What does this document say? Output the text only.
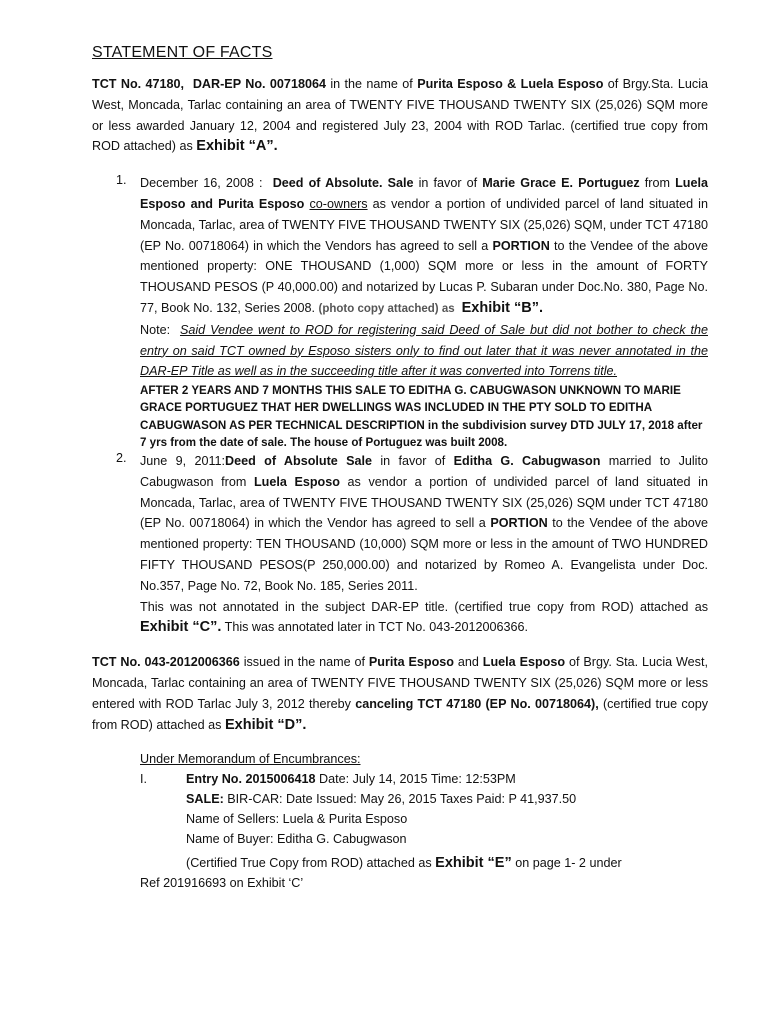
STATEMENT OF FACTS

TCT No. 47180, DAR-EP No. 00718064 in the name of Purita Esposo & Luela Esposo of Brgy.Sta. Lucia West, Moncada, Tarlac containing an area of TWENTY FIVE THOUSAND TWENTY SIX (25,026) SQM more or less awarded January 12, 2004 and registered July 23, 2004 with ROD Tarlac. (certified true copy from ROD attached) as Exhibit “A”.

1. December 16, 2008 : Deed of Absolute. Sale in favor of Marie Grace E. Portuguez from Luela Esposo and Purita Esposo co-owners as vendor a portion of undivided parcel of land situated in Moncada, Tarlac, area of TWENTY FIVE THOUSAND TWENTY SIX (25,026) SQM, under TCT 47180 (EP No. 00718064) in which the Vendors has agreed to sell a PORTION to the Vendee of the above mentioned property: ONE THOUSAND (1,000) SQM more or less in the amount of FORTY THOUSAND PESOS (P 40,000.00) and notarized by Lucas P. Subaran under Doc.No. 380, Page No. 77, Book No. 132, Series 2008. (photo copy attached) as Exhibit “B”.

Note:  Said Vendee went to ROD for registering said Deed of Sale but did not bother to check the entry on said TCT owned by Esposo sisters only to find out later that it was never annotated in the DAR-EP Title as well as in the succeeding title after it was converted into Torrens title.

AFTER 2 YEARS AND 7 MONTHS THIS SALE TO EDITHA G. CABUGWASON UNKNOWN TO MARIE GRACE PORTUGUEZ THAT HER DWELLINGS WAS INCLUDED IN THE PTY SOLD TO EDITHA CABUGWASON AS PER TECHNICAL DESCRIPTION in the subdivision survey DTD JULY 17, 2018 after 7 yrs from the date of sale. The house of Portuguez was built 2008.

2. June 9, 2011:Deed of Absolute Sale in favor of Editha G. Cabugwason married to Julito Cabugwason from Luela Esposo as vendor a portion of undivided parcel of land situated in Moncada, Tarlac, area of TWENTY FIVE THOUSAND TWENTY SIX (25,026) SQM under TCT 47180 (EP No. 00718064) in which the Vendor has agreed to sell a PORTION to the Vendee of the above mentioned property: TEN THOUSAND (10,000) SQM more or less in the amount of TWO HUNDRED FIFTY THOUSAND PESOS(P 250,000.00) and notarized by Romeo A. Evangelista under Doc. No.357, Page No. 72, Book No. 185, Series 2011.

This was not annotated in the subject DAR-EP title. (certified true copy from ROD) attached as Exhibit “C”. This was annotated later in TCT No. 043-2012006366.

TCT No. 043-2012006366 issued in the name of Purita Esposo and Luela Esposo of Brgy. Sta. Lucia West, Moncada, Tarlac containing an area of TWENTY FIVE THOUSAND TWENTY SIX (25,026) SQM more or less entered with ROD Tarlac July 3, 2012 thereby canceling TCT 47180 (EP No. 00718064), (certified true copy from ROD) attached as Exhibit “D”.

Under Memorandum of Encumbrances:
I.	Entry No. 2015006418 Date: July 14, 2015 Time: 12:53PM
SALE: BIR-CAR: Date Issued: May 26, 2015 Taxes Paid: P 41,937.50
Name of Sellers: Luela & Purita Esposo
Name of Buyer: Editha G. Cabugwason
(Certified True Copy from ROD) attached as Exhibit “E” on page 1- 2 under
Ref 201916693 on Exhibit ‘C’
